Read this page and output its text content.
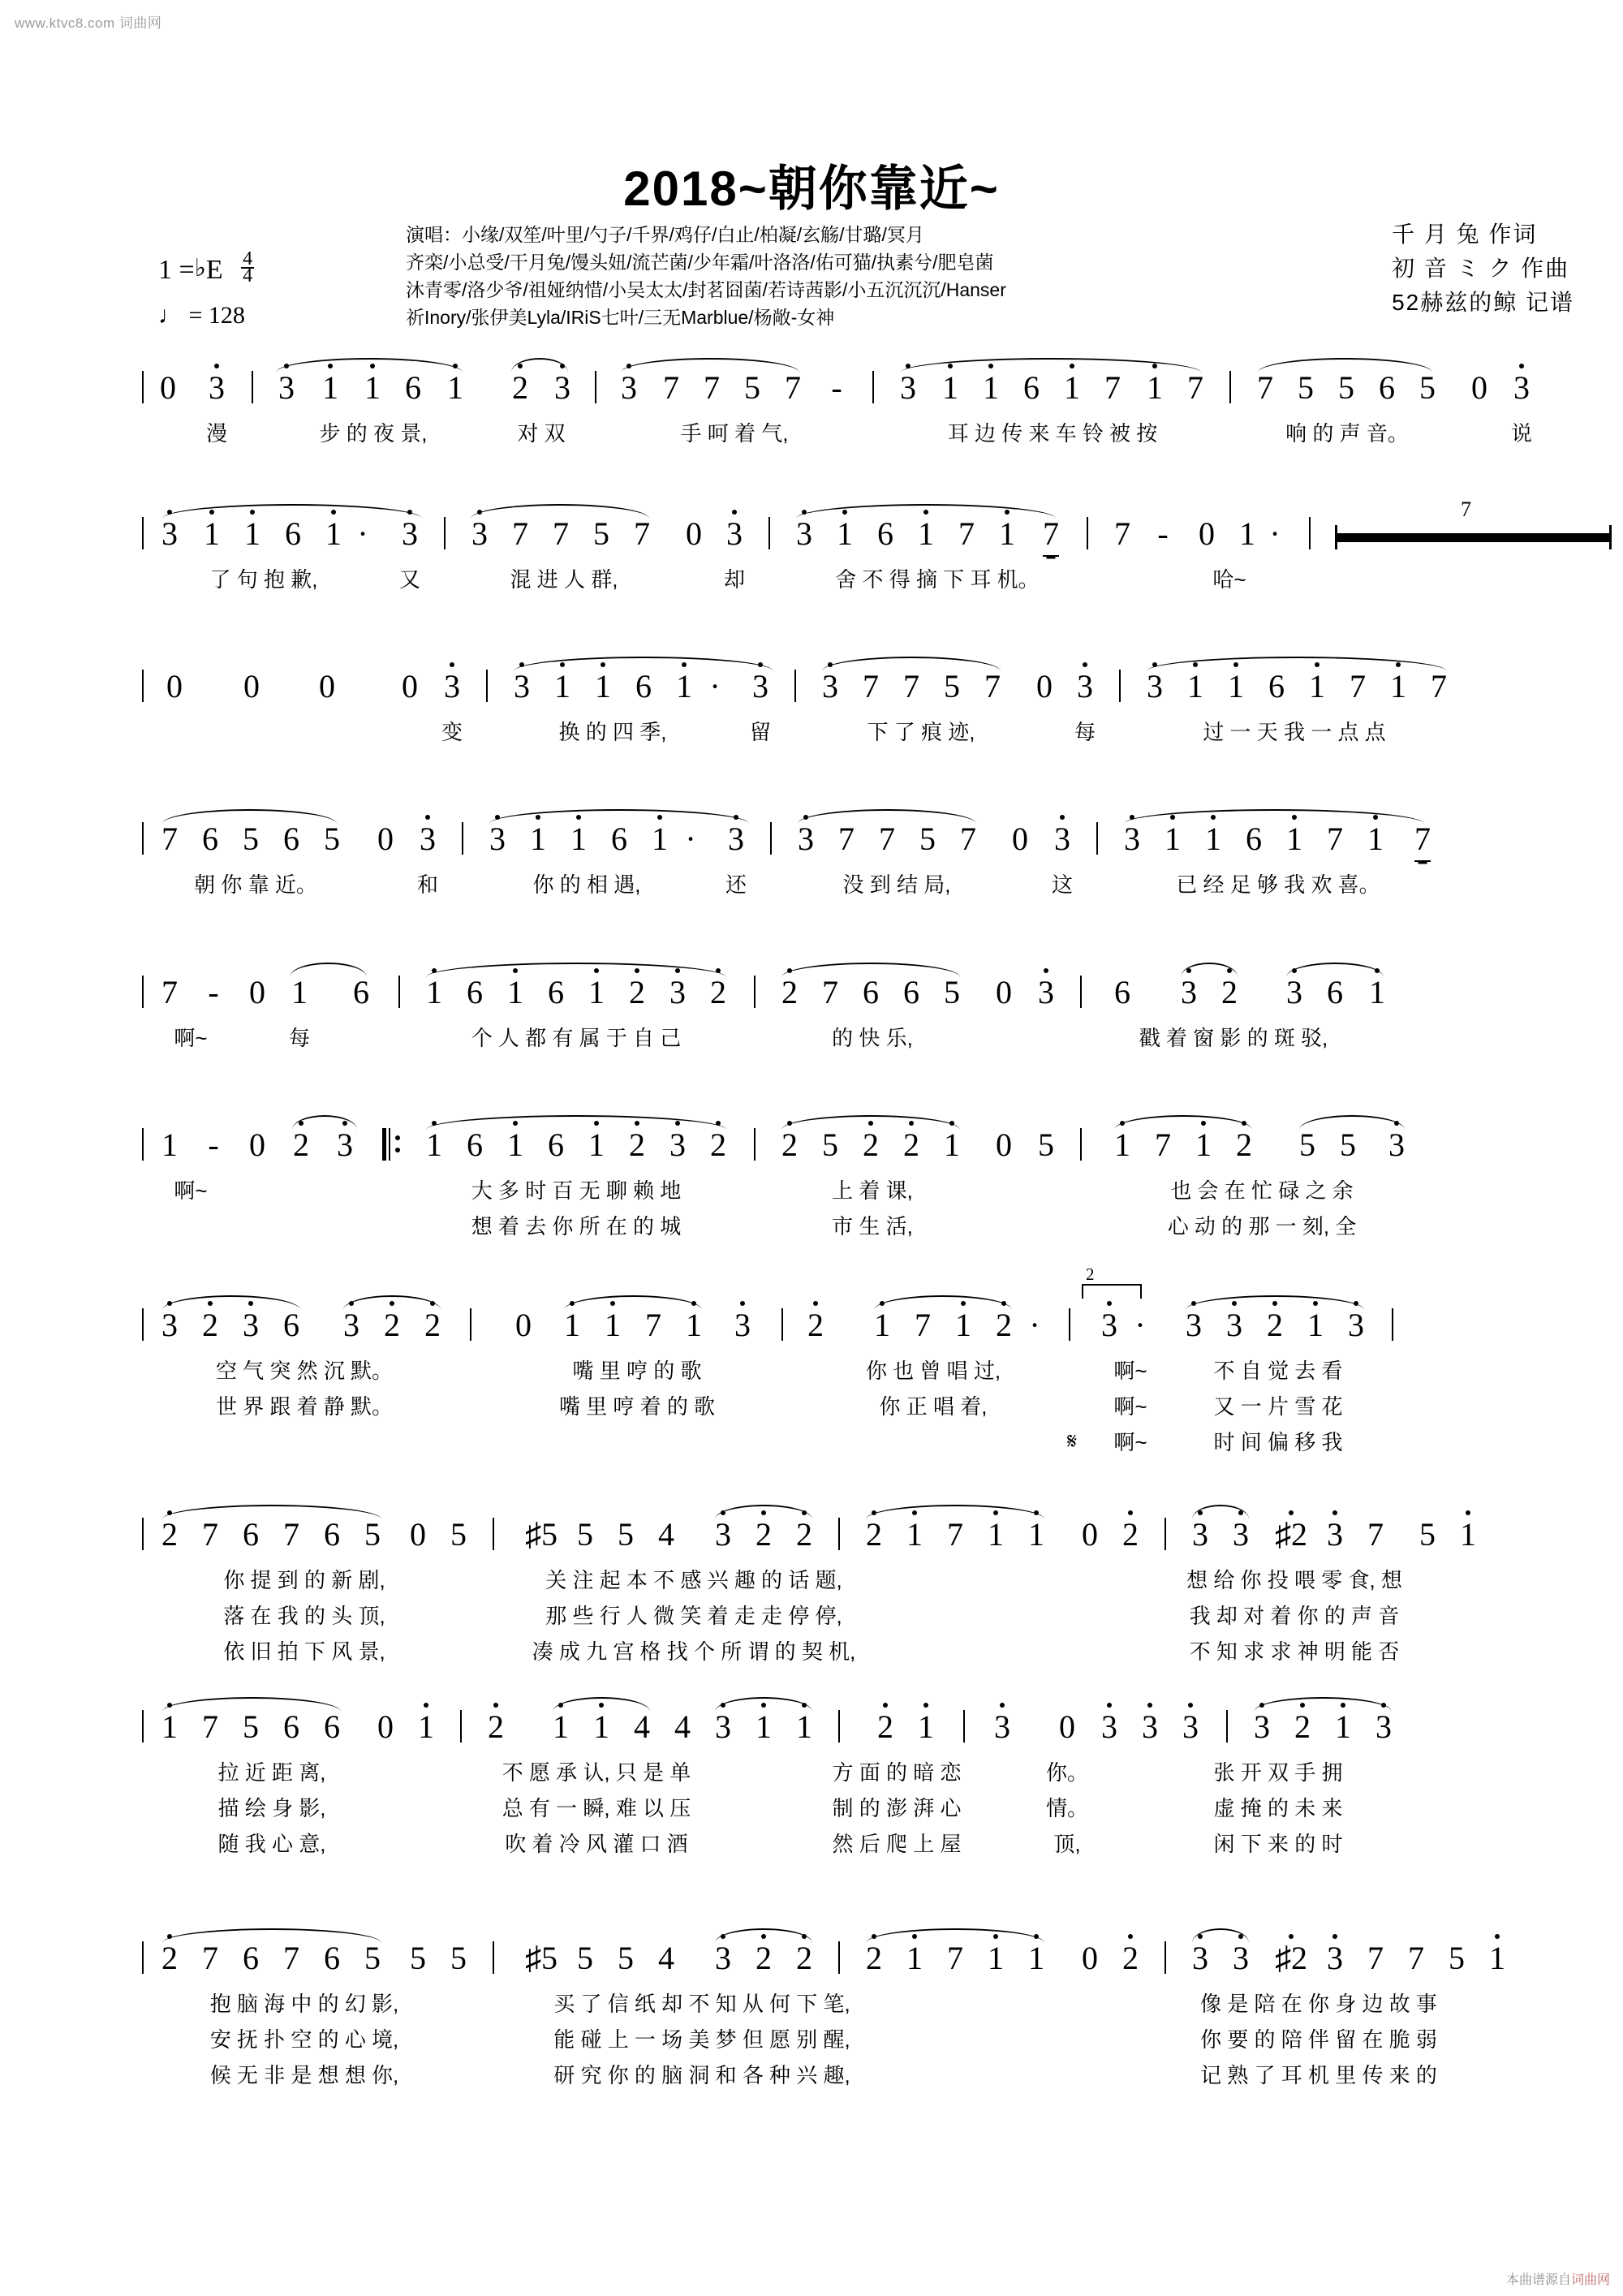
www.ktvc8.com 词曲网
2018~朝你靠近~
演唱：小缘/双笙/叶里/勺子/千界/鸡仔/白止/柏凝/玄觞/甘璐/冥月
齐栾/小总受/干月兔/馒头妞/流芒菌/少年霜/叶洛洛/佑可猫/执素兮/肥皂菌
沐青零/洛少爷/祖娅纳惜/小吴太太/封茗囧菌/若诗茜影/小五沉沉沉/Hanser
祈Inory/张伊美Lyla/IRiS七叶/三无Marblue/杨敞-女神
千 月 兔 作词
初 音 ミ ク 作曲
52赫兹的鲸 记谱
1 =♭E $\frac{4}{4}$
♩ = 128
0 3 3 1 1 6 1 2 3 3 7 7 5 7 - 3 1 1 6 1 7 1 7 7 5 5 6 5 0 3
漫	步 的 夜 景,	对 双	手 呵 着 气,	耳 边 传 来 车 铃 被 按	响 的 声 音。	说
3 1 1 6 1 · 3 3 7 7 5 7 0 3 3 1 6 1 7 1 7 7 - 0 1 ·
7
了 句 抱 歉,	又	混 进 人 群,	却	舍 不 得 摘 下 耳 机。	哈~
0 0 0 0 3 3 1 1 6 1 · 3 3 7 7 5 7 0 3 3 1 1 6 1 7 1 7
变	换 的 四 季,	留	下 了 痕 迹,	每	过 一 天 我 一 点 点
7 6 5 6 5 0 3 3 1 1 6 1 · 3 3 7 7 5 7 0 3 3 1 1 6 1 7 1 7
朝 你 靠 近。	和	你 的 相 遇,	还	没 到 结 局,	这	已 经 足 够 我 欢 喜。
7 - 0 1 6 1 6 1 6 1 2 3 2 2 7 6 6 5 0 3 6 3 2 3 6 1
啊~	每	个 人 都 有 属 于 自 己	的 快 乐,	戳 着 窗 影 的 斑 驳,
1 - 0 2 3 1 6 1 6 1 2 3 2 2 5 2 2 1 0 5 1 7 1 2 5 5 3
啊~	大 多 时 百 无 聊 赖 地	上 着 课,	也 会 在 忙 碌 之 余
想 着 去 你 所 在 的 城	市 生 活,	心 动 的 那 一 刻, 全
3 2 3 6 3 2 2 0 1 1 7 1 3 2 1 7 1 2 ·
2
3 · 3 3 2 1 3
空 气 突 然 沉 默。	嘴 里 哼 的 歌	你 也 曾 唱 过,	啊~	不 自 觉 去 看
世 界 跟 着 静 默。	嘴 里 哼 着 的 歌	你 正 唱 着,	啊~	又 一 片 雪 花
𝄋 啊~	时 间 偏 移 我
2 7 6 7 6 5 0 5 ♯5 5 5 4 3 2 2 2 1 7 1 1 0 2 3 3 ♯2 3 7 5 1
你 提 到 的 新 剧,	关 注 起 本 不 感 兴 趣 的 话 题,	想 给 你 投 喂 零 食, 想
落 在 我 的 头 顶,	那 些 行 人 微 笑 着 走 走 停 停,	我 却 对 着 你 的 声 音
依 旧 拍 下 风 景,	凑 成 九 宫 格 找 个 所 谓 的 契 机,	不 知 求 求 神 明 能 否
1 7 5 6 6 0 1 2 1 1 4 4 3 1 1 2 1 3 0 3 3 3 3 2 1 3
拉 近 距 离,	不 愿 承 认, 只 是 单	方 面 的 暗 恋	你。	张 开 双 手 拥
描 绘 身 影,	总 有 一 瞬, 难 以 压	制 的 澎 湃 心	情。	虚 掩 的 未 来
随 我 心 意,	吹 着 冷 风 灌 口 酒	然 后 爬 上 屋	顶,	闲 下 来 的 时
2 7 6 7 6 5 5 5 ♯5 5 5 4 3 2 2 2 1 7 1 1 0 2 3 3 ♯2 3 7 7 5 1
抱 脑 海 中 的 幻 影,	买 了 信 纸 却 不 知 从 何 下 笔,	像 是 陪 在 你 身 边 故 事
安 抚 扑 空 的 心 境,	能 碰 上 一 场 美 梦 但 愿 别 醒,	你 要 的 陪 伴 留 在 脆 弱
候 无 非 是 想 想 你,	研 究 你 的 脑 洞 和 各 种 兴 趣,	记 熟 了 耳 机 里 传 来 的
本曲谱源自词曲网
